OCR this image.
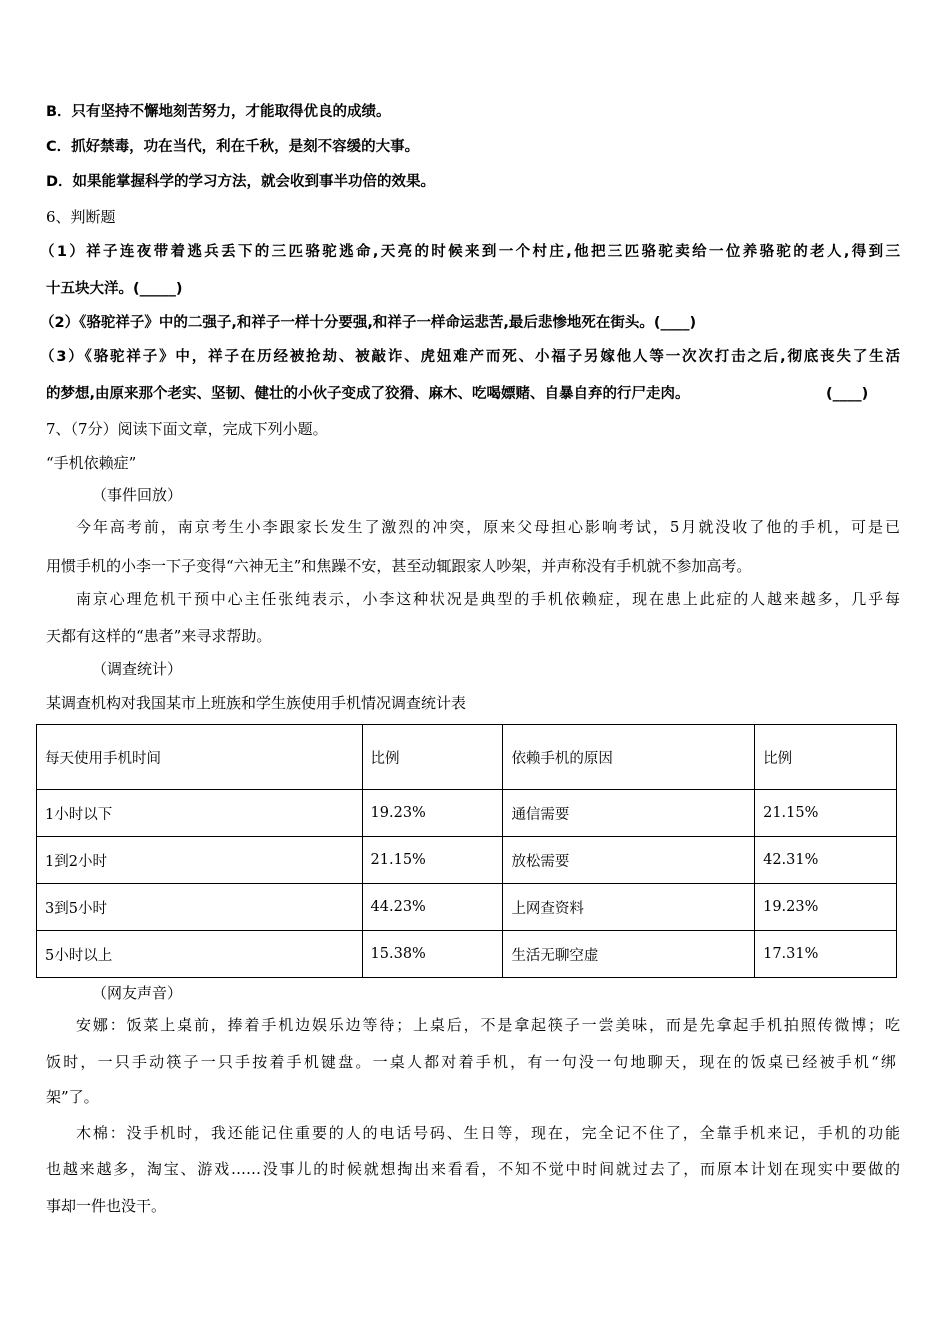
B．只有坚持不懈地刻苦努力，才能取得优良的成绩。
C．抓好禁毒，功在当代，利在千秋，是刻不容缓的大事。
D．如果能掌握科学的学习方法，就会收到事半功倍的效果。
6、判断题
（1）祥子连夜带着逃兵丢下的三匹骆驼逃命,天亮的时候来到一个村庄,他把三匹骆驼卖给一位养骆驼的老人,得到三
十五块大洋。(_____)
（2）《骆驼祥子》中的二强子,和祥子一样十分要强,和祥子一样命运悲苦,最后悲惨地死在街头。(____)
（3）《骆驼祥子》中，祥子在历经被抢劫、被敲诈、虎妞难产而死、小福子另嫁他人等一次次打击之后,彻底丧失了生活
的梦想,由原来那个老实、坚韧、健壮的小伙子变成了狡猾、麻木、吃喝嫖赌、自暴自弃的行尸走肉。	(____)
7、（7分）阅读下面文章，完成下列小题。
“手机依赖症”
（事件回放）
今年高考前，南京考生小李跟家长发生了激烈的冲突，原来父母担心影响考试，5月就没收了他的手机，可是已
用惯手机的小李一下子变得“六神无主”和焦躁不安，甚至动辄跟家人吵架，并声称没有手机就不参加高考。
南京心理危机干预中心主任张纯表示，小李这种状况是典型的手机依赖症，现在患上此症的人越来越多，几乎每
天都有这样的“患者”来寻求帮助。
（调查统计）
某调查机构对我国某市上班族和学生族使用手机情况调查统计表
每天使用手机时间	比例	依赖手机的原因	比例
1小时以下	19.23%	通信需要	21.15%
1到2小时	21.15%	放松需要	42.31%
3到5小时	44.23%	上网查资料	19.23%
5小时以上	15.38%	生活无聊空虚	17.31%
（网友声音）
安娜：饭菜上桌前，捧着手机边娱乐边等待；上桌后，不是拿起筷子一尝美味，而是先拿起手机拍照传微博；吃
饭时，一只手动筷子一只手按着手机键盘。一桌人都对着手机，有一句没一句地聊天，现在的饭桌已经被手机“绑
架”了。
木棉：没手机时，我还能记住重要的人的电话号码、生日等，现在，完全记不住了，全靠手机来记，手机的功能
也越来越多，淘宝、游戏……没事儿的时候就想掏出来看看，不知不觉中时间就过去了，而原本计划在现实中要做的
事却一件也没干。
